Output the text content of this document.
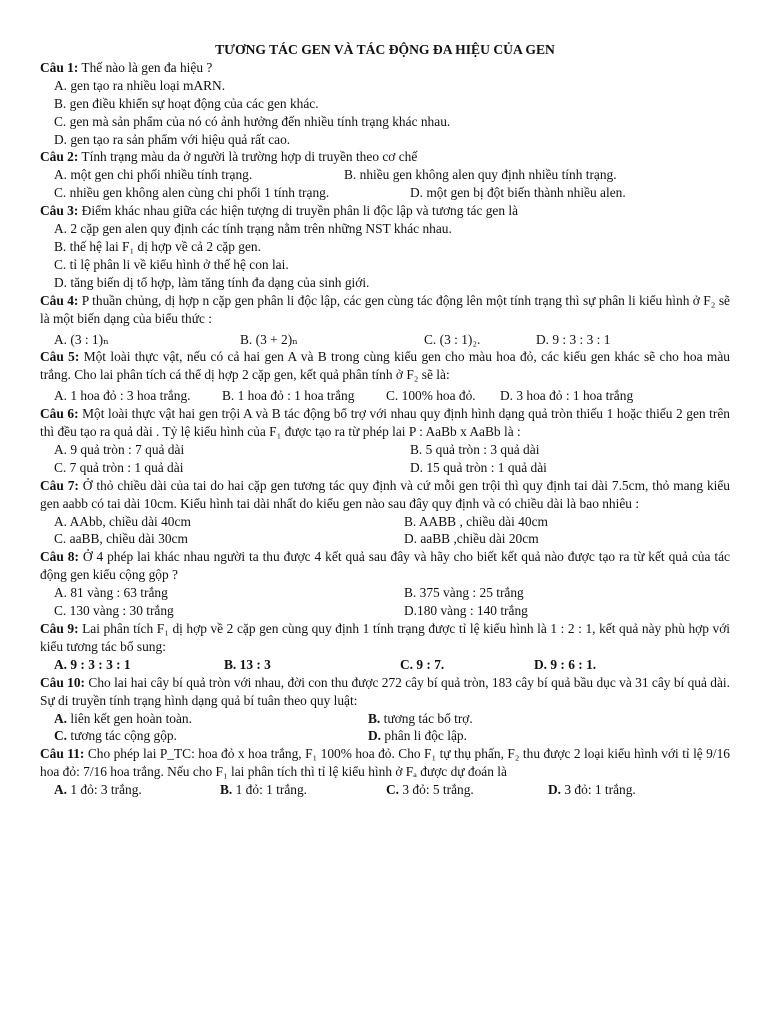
TƯƠNG TÁC GEN VÀ TÁC ĐỘNG ĐA HIỆU CỦA GEN
Câu 1: Thế nào là gen đa hiệu ?
A. gen tạo ra nhiều loại mARN.
B. gen điều khiển sự hoạt động của các gen khác.
C. gen mà sản phẩm của nó có ảnh hưởng đến nhiều tính trạng khác nhau.
D. gen tạo ra sản phẩm với hiệu quả rất cao.
Câu 2: Tính trạng màu da ở người là trường hợp di truyền theo cơ chế
A. một gen chi phối nhiều tính trạng.	B. nhiều gen không alen quy định nhiều tính trạng.
C. nhiều gen không alen cùng chi phối 1 tính trạng.	D. một gen bị đột biến thành nhiều alen.
Câu 3: Điểm khác nhau giữa các hiện tượng di truyền phân li độc lập và tương tác gen là
A. 2 cặp gen alen quy định các tính trạng nằm trên những NST khác nhau.
B. thế hệ lai F₁ dị hợp về cả 2 cặp gen.
C. tỉ lệ phân li về kiểu hình ở thế hệ con lai.
D. tăng biến dị tổ hợp, làm tăng tính đa dạng của sinh giới.
Câu 4: P thuần chủng, dị hợp n cặp gen phân li độc lập, các gen cùng tác động lên một tính trạng thì sự phân li kiểu hình ở F₂ sẽ là một biến dạng của biểu thức :
A. (3 : 1)ₙ	B. (3 + 2)ₙ	C. (3 : 1)₂.	D. 9 : 3 : 3 : 1
Câu 5: Một loài thực vật, nếu có cả hai gen A và B trong cùng kiểu gen cho màu hoa đỏ, các kiểu gen khác sẽ cho hoa màu trắng. Cho lai phân tích cá thể dị hợp 2 cặp gen, kết quả phân tính ở F₂ sẽ là:
A. 1 hoa đỏ : 3 hoa trắng.	B. 1 hoa đỏ : 1 hoa trắng	C. 100% hoa đỏ.	D. 3 hoa đỏ : 1 hoa trắng
Câu 6: Một loài thực vật hai gen trội A và B tác động bổ trợ với nhau quy định hình dạng quả tròn thiếu 1 hoặc thiếu 2 gen trên thì đều tạo ra quả dài . Tỷ lệ kiểu hình của F₁ được tạo ra từ phép lai P : AaBb x AaBb là :
A. 9 quả tròn : 7 quả dài	B. 5 quả tròn : 3 quả dài
C. 7 quả tròn : 1 quả dài	D. 15 quả tròn : 1 quả dài
Câu 7: Ở thỏ chiều dài của tai do hai cặp gen tương tác quy định và cứ mỗi gen trội thì quy định tai dài 7.5cm, thỏ mang kiểu gen aabb có tai dài 10cm. Kiểu hình tai dài nhất do kiểu gen nào sau đây quy định và có chiều dài là bao nhiêu :
A. AAbb, chiều dài 40cm	B. AABB , chiều dài 40cm
C. aaBB, chiều dài 30cm	D. aaBB ,chiều dài 20cm
Câu 8: Ở 4 phép lai khác nhau người ta thu được 4 kết quả sau đây và hãy cho biết kết quả nào được tạo ra từ kết quả của tác động gen kiểu cộng gộp ?
A. 81 vàng : 63 trắng	B. 375 vàng : 25 trắng
C. 130 vàng : 30 trắng	D.180 vàng : 140 trắng
Câu 9: Lai phân tích F₁ dị hợp về 2 cặp gen cùng quy định 1 tính trạng được tỉ lệ kiểu hình là 1 : 2 : 1, kết quả này phù hợp với kiểu tương tác bổ sung:
A. 9 : 3 : 3 : 1	B. 13 : 3	C. 9 : 7.	D. 9 : 6 : 1.
Câu 10: Cho lai hai cây bí quả tròn với nhau, đời con thu được 272 cây bí quả tròn, 183 cây bí quả bầu dục và 31 cây bí quả dài. Sự di truyền tính trạng hình dạng quả bí tuân theo quy luật:
A. liên kết gen hoàn toàn.	B. tương tác bổ trợ.
C. tương tác cộng gộp.	D. phân li độc lập.
Câu 11: Cho phép lai P_TC: hoa đỏ x hoa trắng, F₁ 100% hoa đỏ. Cho F₁ tự thụ phấn, F₂ thu được 2 loại kiểu hình với tỉ lệ 9/16 hoa đỏ: 7/16 hoa trắng. Nếu cho F₁ lai phân tích thì tỉ lệ kiểu hình ở Fₐ được dự đoán là
A. 1 đỏ: 3 trắng.	B. 1 đỏ: 1 trắng.	C. 3 đỏ: 5 trắng.	D. 3 đỏ: 1 trắng.
